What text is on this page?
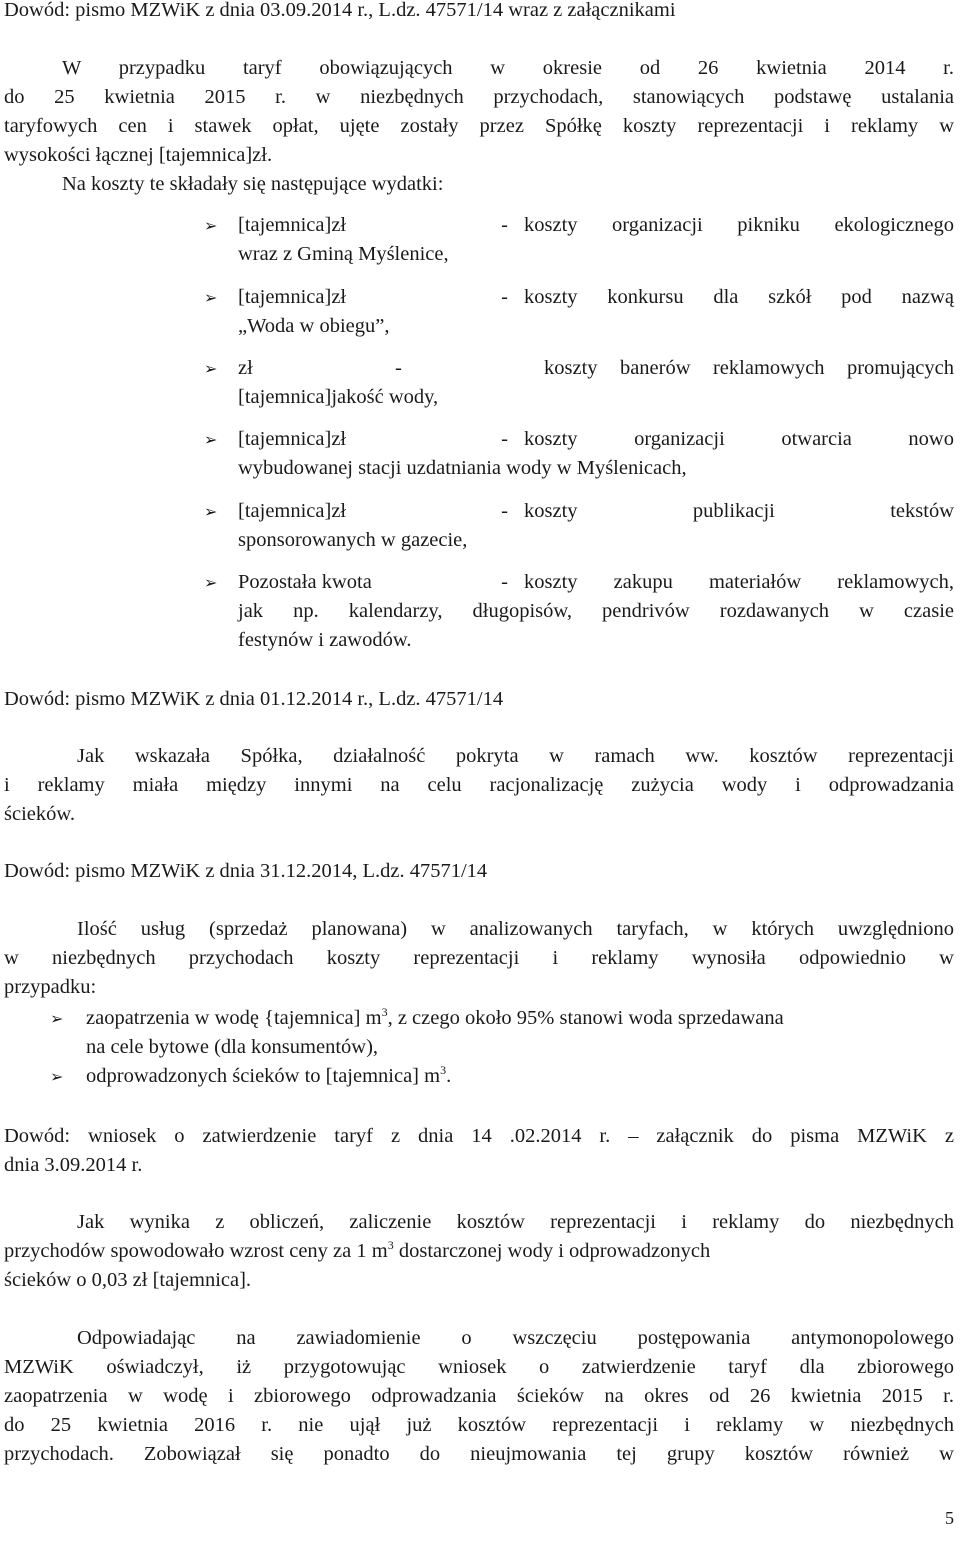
Dowód: pismo MZWiK z dnia 03.09.2014 r., L.dz. 47571/14 wraz z załącznikami
W przypadku taryf obowiązujących w okresie od 26 kwietnia 2014 r.
do 25 kwietnia 2015 r. w niezbędnych przychodach, stanowiących podstawę ustalania
taryfowych cen i stawek opłat, ujęte zostały przez Spółkę koszty reprezentacji i reklamy w
wysokości łącznej [tajemnica]zł.
Na koszty te składały się następujące wydatki:
➢ [tajemnica]zł	- koszty organizacji pikniku ekologicznego
wraz z Gminą Myślenice,
➢ [tajemnica]zł	- koszty konkursu dla szkół pod nazwą
„Woda w obiegu”,
➢ zł	-	koszty banerów reklamowych promujących
[tajemnica]jakość wody,
➢ [tajemnica]zł	- koszty organizacji otwarcia nowo
wybudowanej stacji uzdatniania wody w Myślenicach,
➢ [tajemnica]zł	- koszty publikacji tekstów
sponsorowanych w gazecie,
➢ Pozostała kwota	- koszty zakupu materiałów reklamowych,
jak np. kalendarzy, długopisów, pendrivów rozdawanych w czasie
festynów i zawodów.
Dowód: pismo MZWiK z dnia 01.12.2014 r., L.dz. 47571/14
Jak wskazała Spółka, działalność pokryta w ramach ww. kosztów reprezentacji
i reklamy miała między innymi na celu racjonalizację zużycia wody i odprowadzania
ścieków.
Dowód: pismo MZWiK z dnia 31.12.2014, L.dz. 47571/14
Ilość usług (sprzedaż planowana) w analizowanych taryfach, w których uwzględniono
w niezbędnych przychodach koszty reprezentacji i reklamy wynosiła odpowiednio w
przypadku:
➢ zaopatrzenia w wodę {tajemnica] $m^3$, z czego około 95% stanowi woda sprzedawana
na cele bytowe (dla konsumentów),
➢ odprowadzonych ścieków to [tajemnica] $m^3$.
Dowód: wniosek o zatwierdzenie taryf z dnia 14 .02.2014 r. – załącznik do pisma MZWiK z
dnia 3.09.2014 r.
Jak wynika z obliczeń, zaliczenie kosztów reprezentacji i reklamy do niezbędnych
przychodów spowodowało wzrost ceny za 1 $m^3$ dostarczonej wody i odprowadzonych
ścieków o 0,03 zł [tajemnica].
Odpowiadając na zawiadomienie o wszczęciu postępowania antymonopolowego
MZWiK oświadczył, iż przygotowując wniosek o zatwierdzenie taryf dla zbiorowego
zaopatrzenia w wodę i zbiorowego odprowadzania ścieków na okres od 26 kwietnia 2015 r.
do 25 kwietnia 2016 r. nie ujął już kosztów reprezentacji i reklamy w niezbędnych
przychodach. Zobowiązał się ponadto do nieujmowania tej grupy kosztów również w
5
